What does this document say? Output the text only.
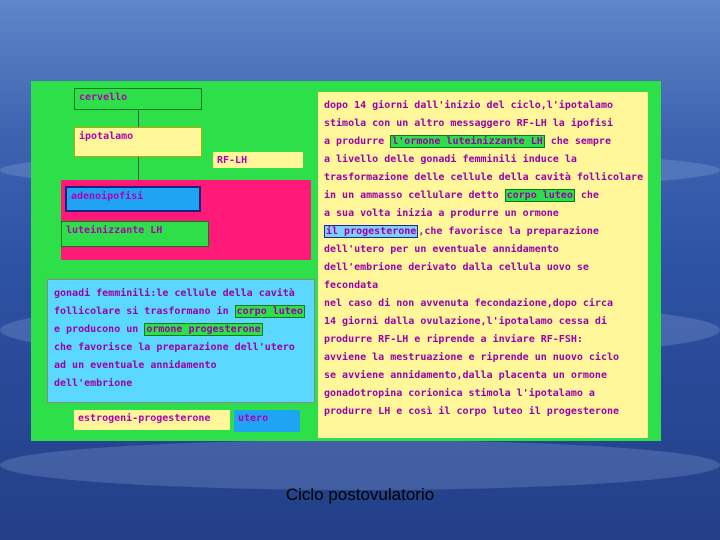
cervello
ipotalamo
RF-LH
adenoipofisi
luteinizzante LH
gonadi femminili:le cellule della cavità
follicolare si trasformano in corpo luteo
e producono un ormone progesterone
che favorisce la preparazione dell'utero
ad un eventuale annidamento
dell'embrione
estrogeni-progesterone	utero
dopo 14 giorni dall'inizio del ciclo,l'ipotalamo
stimola con un altro messaggero RF-LH la ipofisi
a produrre l'ormone luteinizzante LH che sempre
a livello delle gonadi femminili induce la
trasformazione delle cellule della cavità follicolare
in un ammasso cellulare detto corpo luteo che
a sua volta inizia a produrre un ormone
il progesterone ,che favorisce la preparazione
dell'utero per un eventuale annidamento
dell'embrione derivato dalla cellula uovo se
fecondata
nel caso di non avvenuta fecondazione,dopo circa
14 giorni dalla ovulazione,l'ipotalamo cessa di
produrre RF-LH e riprende a inviare RF-FSH:
avviene la mestruazione e riprende un nuovo ciclo
se avviene annidamento,dalla placenta un ormone
gonadotropina corionica stimola l'ipotalamo a
produrre LH e così il corpo luteo il progesterone
Ciclo postovulatorio
